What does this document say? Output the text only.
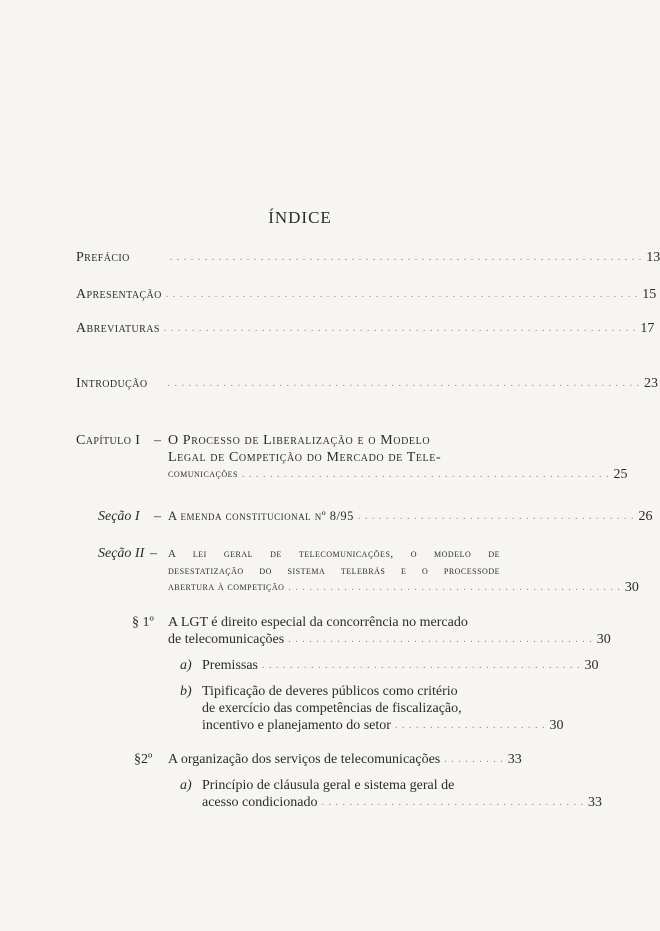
ÍNDICE
Prefácio	. . . . . . . . . . . . . . . . . . . . . . . . . . . . . . . . . . . . . . . . . . . . . . . . . . . . . . . . . . . . . . . . . . . . 13
Apresentação . . . . . . . . . . . . . . . . . . . . . . . . . . . . . . . . . . . . . . . . . . . . . . . . . . . . . . . . . . . . . . . . . . . . 15
Abreviaturas . . . . . . . . . . . . . . . . . . . . . . . . . . . . . . . . . . . . . . . . . . . . . . . . . . . . . . . . . . . . . . . . . . . . 17
Introdução . . . . . . . . . . . . . . . . . . . . . . . . . . . . . . . . . . . . . . . . . . . . . . . . . . . . . . . . . . . . . . . . . . . . 23
Capítulo I – O Processo de Liberalização e o Modelo
Legal de Competição do Mercado de Tele-
comunicações . . . . . . . . . . . . . . . . . . . . . . . . . . . . . . . . . . . . . . . . . . . . . . . . . . . . . 25
Seção I – A emenda constitucional nº 8/95 . . . . . . . . . . . . . . . . . . . . . . . . . . . . . . . . . . . . . . . . 26
Seção II – A lei geral de telecomunicações, o modelo de
desestatização do sistema telebrás e o processode
abertura à competição . . . . . . . . . . . . . . . . . . . . . . . . . . . . . . . . . . . . . . . . . . . . . . . . 30
§ 1º A LGT é direito especial da concorrência no mercado
de telecomunicações . . . . . . . . . . . . . . . . . . . . . . . . . . . . . . . . . . . . . . . . . . . . 30
a) Premissas . . . . . . . . . . . . . . . . . . . . . . . . . . . . . . . . . . . . . . . . . . . . . . 30
b) Tipificação de deveres públicos como critério
de exercício das competências de fiscalização,
incentivo e planejamento do setor . . . . . . . . . . . . . . . . . . . . . . 30
§2º A organização dos serviços de telecomunicações . . . . . . . . . 33
a) Princípio de cláusula geral e sistema geral de
acesso condicionado . . . . . . . . . . . . . . . . . . . . . . . . . . . . . . . . . . . . . . 33
